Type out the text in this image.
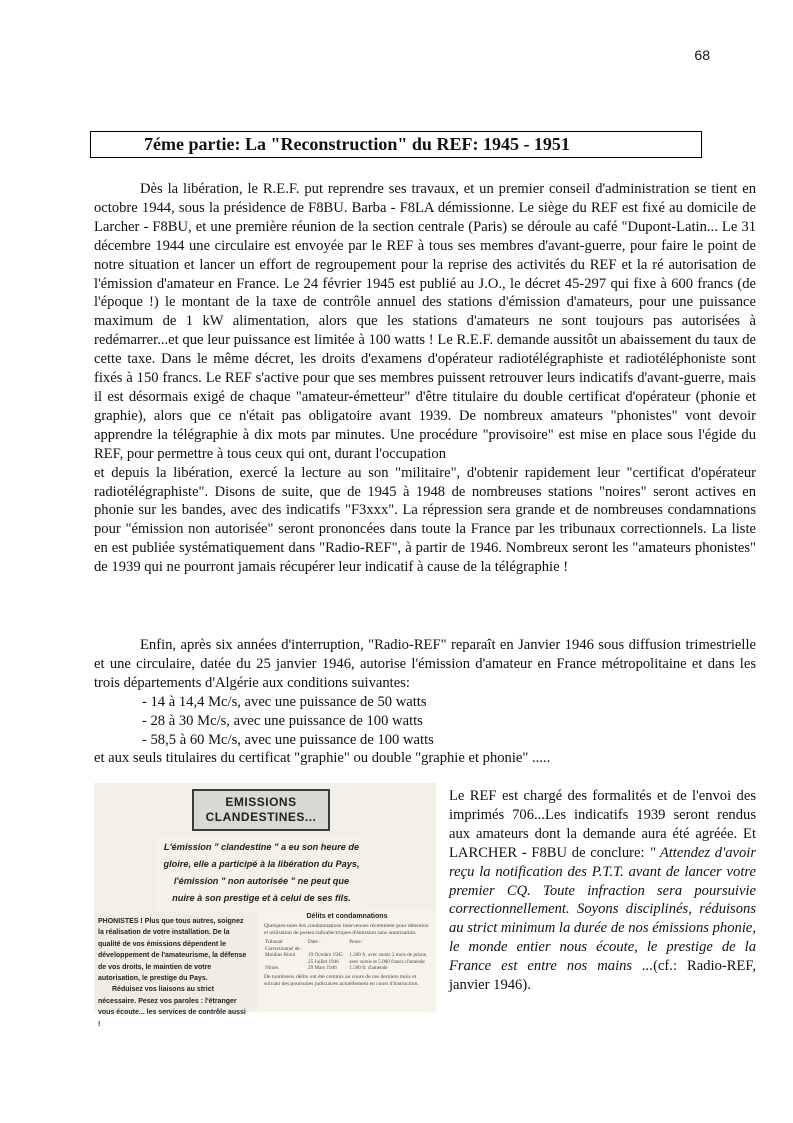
68
7éme partie: La "Reconstruction" du REF: 1945 - 1951

Dès la libération, le R.E.F. put reprendre ses travaux, et un premier conseil d'administration se tient en octobre 1944, sous la présidence de F8BU. Barba - F8LA démissionne. Le siège du REF est fixé au domicile de Larcher - F8BU, et une première réunion de la section centrale (Paris) se déroule au café "Dupont-Latin... Le 31 décembre 1944 une circulaire est envoyée par le REF à tous ses membres d'avant-guerre, pour faire le point de notre situation et lancer un effort de regroupement pour la reprise des activités du REF et la ré autorisation de l'émission d'amateur en France. Le 24 février 1945 est publié au J.O., le décret 45-297 qui fixe à 600 francs (de l'époque !) le montant de la taxe de contrôle annuel des stations d'émission d'amateurs, pour une puissance maximum de 1 kW alimentation, alors que les stations d'amateurs ne sont toujours pas autorisées à redémarrer...et que leur puissance est limitée à 100 watts ! Le R.E.F. demande aussitôt un abaissement du taux de cette taxe. Dans le même décret, les droits d'examens d'opérateur radiotélégraphiste et radiotéléphoniste sont fixés à 150 francs. Le REF s'active pour que ses membres puissent retrouver leurs indicatifs d'avant-guerre, mais il est désormais exigé de chaque "amateur-émetteur" d'être titulaire du double certificat d'opérateur (phonie et graphie), alors que ce n'était pas obligatoire avant 1939. De nombreux amateurs "phonistes" vont devoir apprendre la télégraphie à dix mots par minutes. Une procédure "provisoire" est mise en place sous l'égide du REF, pour permettre à tous ceux qui ont, durant l'occupation

et depuis la libération, exercé la lecture au son "militaire", d'obtenir rapidement leur "certificat d'opérateur radiotélégraphiste". Disons de suite, que de 1945 à 1948 de nombreuses stations "noires" seront actives en phonie sur les bandes, avec des indicatifs "F3xxx". La répression sera grande et de nombreuses condamnations pour "émission non autorisée" seront prononcées dans toute la France par les tribunaux correctionnels. La liste en est publiée systématiquement dans "Radio-REF", à partir de 1946. Nombreux seront les "amateurs phonistes" de 1939 qui ne pourront jamais récupérer leur indicatif à cause de la télégraphie !

Enfin, après six années d'interruption, "Radio-REF" reparaît en Janvier 1946 sous diffusion trimestrielle et une circulaire, datée du 25 janvier 1946, autorise l'émission d'amateur en France métropolitaine et dans les trois départements d'Algérie aux conditions suivantes:

- 14 à 14,4 Mc/s, avec une puissance de 50 watts

- 28 à 30 Mc/s, avec une puissance de 100 watts

- 58,5 à 60 Mc/s, avec une puissance de 100 watts

et aux seuls titulaires du certificat "graphie" ou double "graphie et phonie" .....

EMISSIONS
CLANDESTINES...
L'émission " clandestine " a eu son heure de gloire, elle a participé à la libération du Pays, l'émission " non autorisée " ne peut que nuire à son prestige et à celui de ses fils.
PHONISTES ! Plus que tous autres, soignez la réalisation de votre installation. De la qualité de vos émissions dépendent le développement de l'amateurisme, la défense de vos droits, le maintien de votre autorisation, le prestige du Pays.
Réduisez vos liaisons au strict nécessaire. Pesez vos paroles : l'étranger vous écoute... les services de contrôle aussi !
Délits et condamnations
Quelques-unes des condamnations intervenues récemment pour détention et utilisation de postes radioélectriques d'émission sans autorisation.
Tribunal Correctionnel de :	Date :	Peine :
Moulins Rioul	19 Octobre 1945 25 Juillet 1946	1.200 fr. avec sursis 2 mois de prison avec sursis et 5.000 francs d'amende
Nîmes	29 Mars 1946	1.500 fr. d'amende
De nombreux délits ont été commis au cours de ces derniers mois et suivant des poursuites judiciaires actuellement en cours d'instruction.
Le REF est chargé des formalités et de l'envoi des imprimés 706...Les indicatifs 1939 seront rendus aux amateurs dont la demande aura été agréée. Et LARCHER - F8BU de conclure: " Attendez d'avoir reçu la notification des P.T.T. avant de lancer votre premier CQ. Toute infraction sera poursuivie correctionnellement. Soyons disciplinés, réduisons au strict minimum la durée de nos émissions phonie, le monde entier nous écoute, le prestige de la France est entre nos mains ...(cf.: Radio-REF, janvier 1946).
